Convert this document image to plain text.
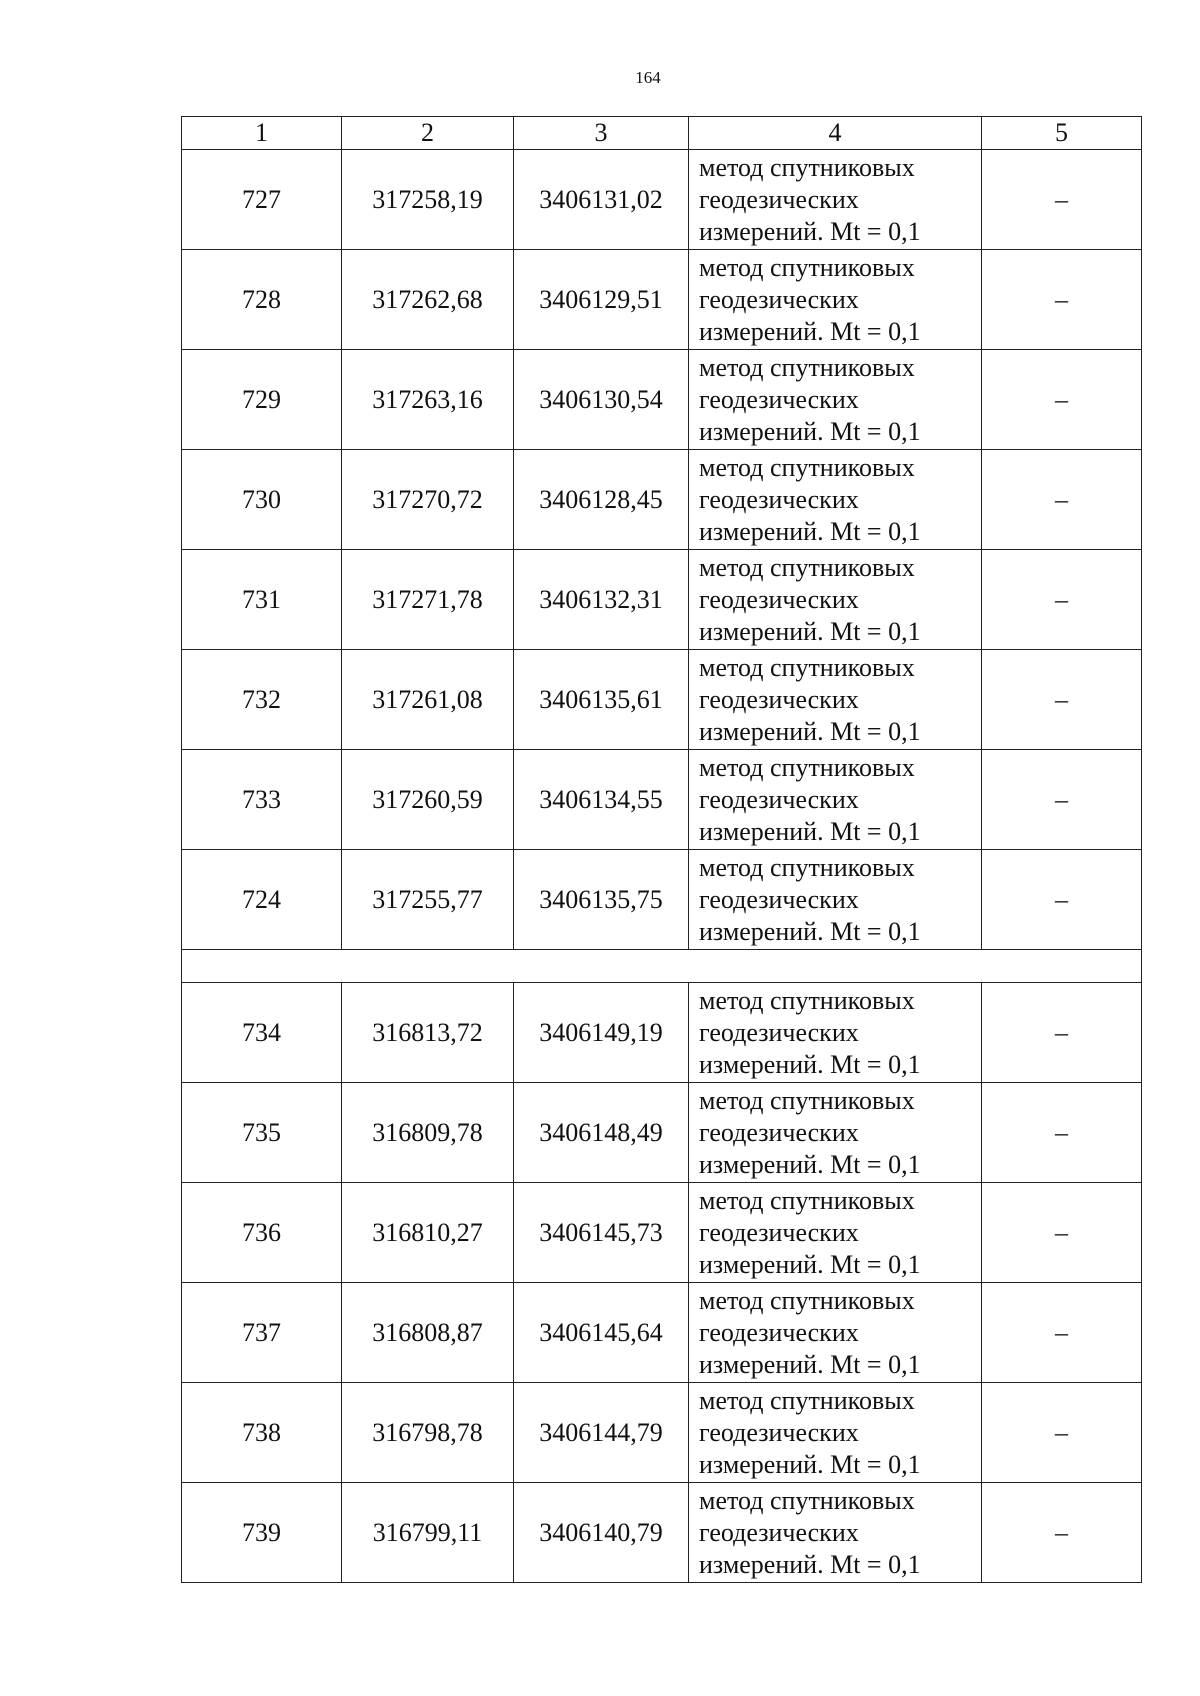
164
1	2	3	4	5
727	317258,19	3406131,02	метод спутниковых
геодезических
измерений. Mt = 0,1	–
728	317262,68	3406129,51	метод спутниковых
геодезических
измерений. Mt = 0,1	–
729	317263,16	3406130,54	метод спутниковых
геодезических
измерений. Mt = 0,1	–
730	317270,72	3406128,45	метод спутниковых
геодезических
измерений. Mt = 0,1	–
731	317271,78	3406132,31	метод спутниковых
геодезических
измерений. Mt = 0,1	–
732	317261,08	3406135,61	метод спутниковых
геодезических
измерений. Mt = 0,1	–
733	317260,59	3406134,55	метод спутниковых
геодезических
измерений. Mt = 0,1	–
724	317255,77	3406135,75	метод спутниковых
геодезических
измерений. Mt = 0,1	–

734	316813,72	3406149,19	метод спутниковых
геодезических
измерений. Mt = 0,1	–
735	316809,78	3406148,49	метод спутниковых
геодезических
измерений. Mt = 0,1	–
736	316810,27	3406145,73	метод спутниковых
геодезических
измерений. Mt = 0,1	–
737	316808,87	3406145,64	метод спутниковых
геодезических
измерений. Mt = 0,1	–
738	316798,78	3406144,79	метод спутниковых
геодезических
измерений. Mt = 0,1	–
739	316799,11	3406140,79	метод спутниковых
геодезических
измерений. Mt = 0,1	–
